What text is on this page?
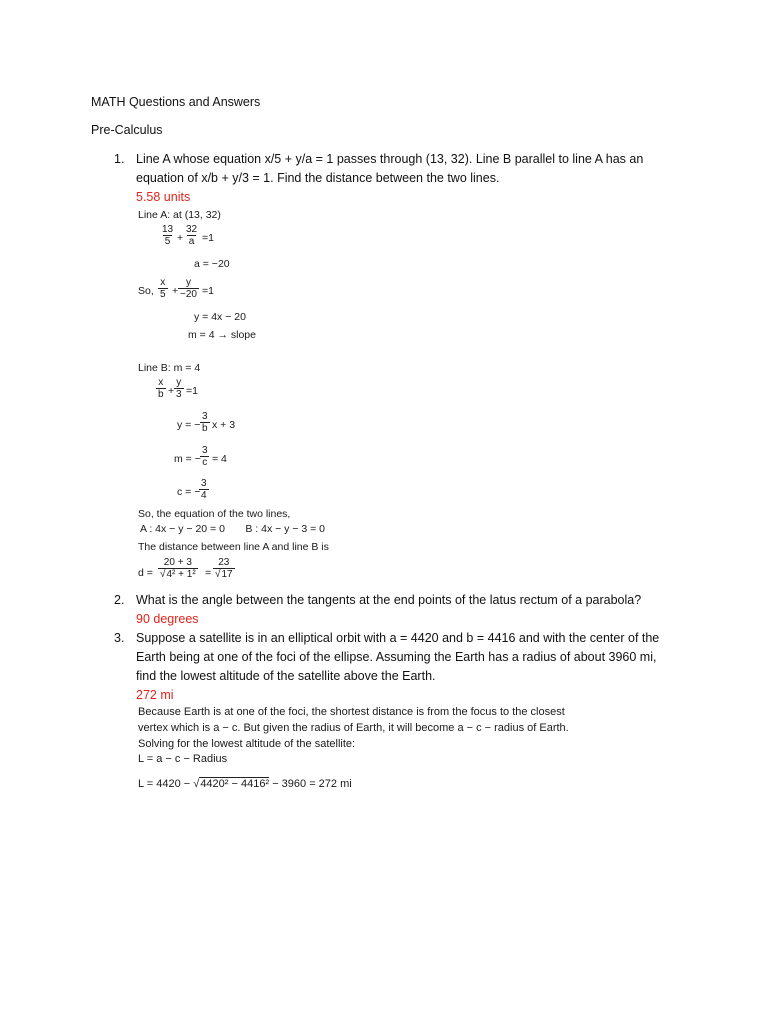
MATH Questions and Answers
Pre-Calculus
1. Line A whose equation x/5 + y/a = 1 passes through (13, 32). Line B parallel to line A has an
equation of x/b + y/3 = 1. Find the distance between the two lines.
5.58 units
Line A: at (13, 32)
$\frac{13}{5} + \frac{32}{a} =1$
a = −20
So, $\frac{x}{5} + \frac{y}{-20} =1$
y = 4x − 20
m = 4 → slope
Line B: m = 4
$\frac{x}{b} + \frac{y}{3} =1$
y = − $\frac{3}{b}$ x + 3
m = − $\frac{3}{c} = 4$
c = −
$\frac{3}{4}$
So, the equation of the two lines,
A : 4x − y − 20 = 0       B : 4x − y − 3 = 0
The distance between line A and line B is
$d = \frac{20 + 3}{\text{√4² + 1²}} = \frac{23}{√17}$
2. What is the angle between the tangents at the end points of the latus rectum of a parabola?
90 degrees
3. Suppose a satellite is in an elliptical orbit with a = 4420 and b = 4416 and with the center of the
Earth being at one of the foci of the ellipse. Assuming the Earth has a radius of about 3960 mi,
find the lowest altitude of the satellite above the Earth.
272 mi
Because Earth is at one of the foci, the shortest distance is from the focus to the closest
vertex which is a − c. But given the radius of Earth, it will become a − c − radius of Earth.
Solving for the lowest altitude of the satellite:
L = a − c − Radius
L = 4420 − √4420² − 4416² − 3960 = 272 mi
